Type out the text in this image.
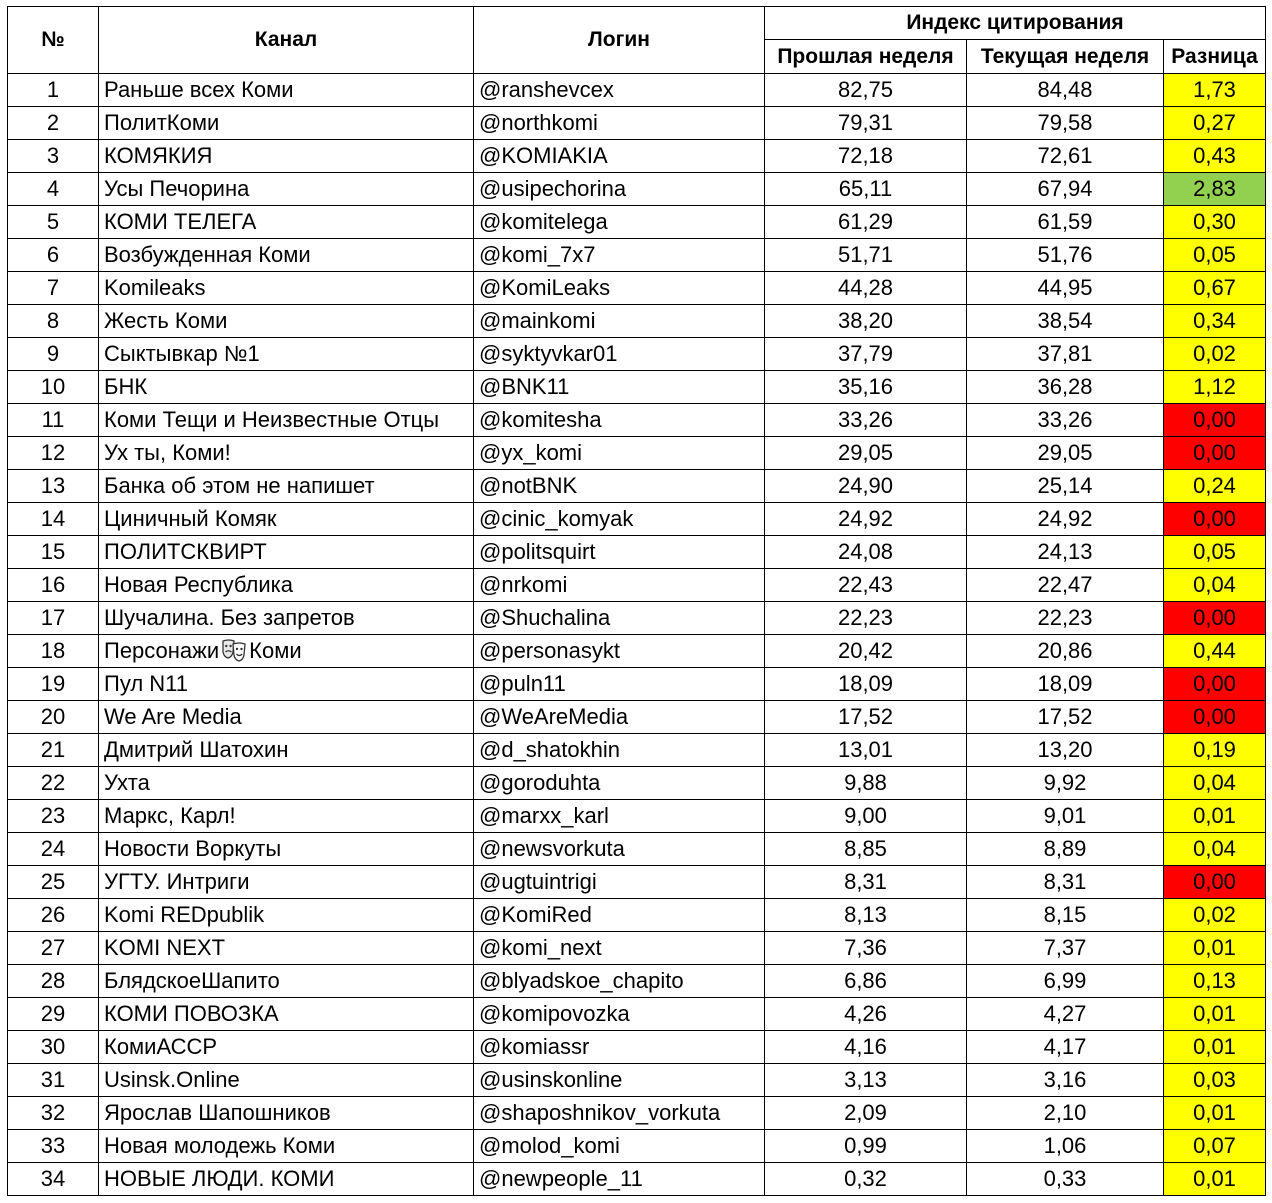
№	Канал	Логин	Индекс цитирования		
			Прошлая неделя	Текущая неделя	Разница
1	Раньше всех Коми	@ranshevcex	82,75	84,48	1,73
2	ПолитКоми	@northkomi	79,31	79,58	0,27
3	КОМЯКИЯ	@KOMIAKIA	72,18	72,61	0,43
4	Усы Печорина	@usipechorina	65,11	67,94	2,83
5	КОМИ ТЕЛЕГА	@komitelega	61,29	61,59	0,30
6	Возбужденная Коми	@komi_7x7	51,71	51,76	0,05
7	Komileaks	@KomiLeaks	44,28	44,95	0,67
8	Жесть Коми	@mainkomi	38,20	38,54	0,34
9	Сыктывкар №1	@syktyvkar01	37,79	37,81	0,02
10	БНК	@BNK11	35,16	36,28	1,12
11	Коми Тещи и Неизвестные Отцы	@komitesha	33,26	33,26	0,00
12	Ух ты, Коми!	@yx_komi	29,05	29,05	0,00
13	Банка об этом не напишет	@notBNK	24,90	25,14	0,24
14	Циничный Комяк	@cinic_komyak	24,92	24,92	0,00
15	ПОЛИТСКВИРТ	@politsquirt	24,08	24,13	0,05
16	Новая Республика	@nrkomi	22,43	22,47	0,04
17	Шучалина. Без запретов	@Shuchalina	22,23	22,23	0,00
18	Персонажи Коми	@personasykt	20,42	20,86	0,44
19	Пул N11	@puln11	18,09	18,09	0,00
20	We Are Media	@WeAreMedia	17,52	17,52	0,00
21	Дмитрий Шатохин	@d_shatokhin	13,01	13,20	0,19
22	Ухта	@goroduhta	9,88	9,92	0,04
23	Маркс, Карл!	@marxx_karl	9,00	9,01	0,01
24	Новости Воркуты	@newsvorkuta	8,85	8,89	0,04
25	УГТУ. Интриги	@ugtuintrigi	8,31	8,31	0,00
26	Komi REDpublik	@KomiRed	8,13	8,15	0,02
27	KOMI NEXT	@komi_next	7,36	7,37	0,01
28	БлядскоеШапито	@blyadskoe_chapito	6,86	6,99	0,13
29	КОМИ ПОВОЗКА	@komipovozka	4,26	4,27	0,01
30	КомиАССР	@komiassr	4,16	4,17	0,01
31	Usinsk.Online	@usinskonline	3,13	3,16	0,03
32	Ярослав Шапошников	@shaposhnikov_vorkuta	2,09	2,10	0,01
33	Новая молодежь Коми	@molod_komi	0,99	1,06	0,07
34	НОВЫЕ ЛЮДИ. КОМИ	@newpeople_11	0,32	0,33	0,01
